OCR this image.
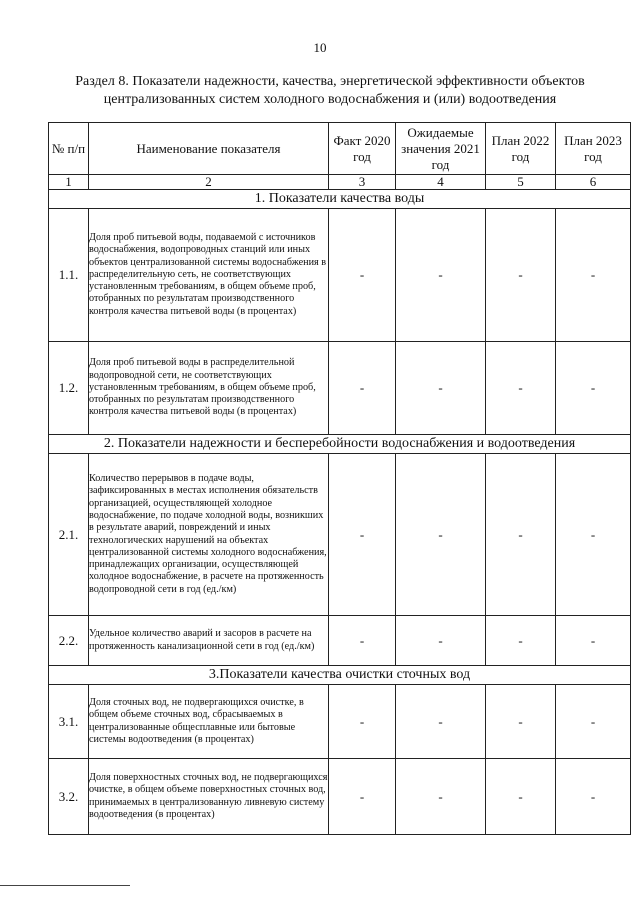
10
Раздел 8. Показатели надежности, качества, энергетической эффективности объектов централизованных систем холодного водоснабжения и (или) водоотведения
№ п/п	Наименование показателя	Факт 2020 год	Ожидаемые значения 2021 год	План 2022 год	План 2023 год
1	2	3	4	5	6
1. Показатели качества воды					
1.1.	Доля проб питьевой воды, подаваемой с источников водоснабжения, водопроводных станций или иных объектов централизованной системы водоснабжения в распределительную сеть, не соответствующих установленным требованиям, в общем объеме проб, отобранных по результатам производственного контроля качества питьевой воды (в процентах)	-	-	-	-
1.2.	Доля проб питьевой воды в распределительной водопроводной сети, не соответствующих установленным требованиям, в общем объеме проб, отобранных по результатам производственного контроля качества питьевой воды (в процентах)	-	-	-	-
2. Показатели надежности и бесперебойности водоснабжения и водоотведения					
2.1.	Количество перерывов в подаче воды, зафиксированных в местах исполнения обязательств организацией, осуществляющей холодное водоснабжение, по подаче холодной воды, возникших в результате аварий, повреждений и иных технологических нарушений на объектах централизованной системы холодного водоснабжения, принадлежащих организации, осуществляющей холодное водоснабжение, в расчете на протяженность водопроводной сети в год (ед./км)	-	-	-	-
2.2.	Удельное количество аварий и засоров в расчете на протяженность канализационной сети в год (ед./км)	-	-	-	-
3.Показатели качества очистки сточных вод					
3.1.	Доля сточных вод, не подвергающихся очистке, в общем объеме сточных вод, сбрасываемых в централизованные общесплавные или бытовые системы водоотведения (в процентах)	-	-	-	-
3.2.	Доля поверхностных сточных вод, не подвергающихся очистке, в общем объеме поверхностных сточных вод, принимаемых в централизованную ливневую систему водоотведения (в процентах)	-	-	-	-
